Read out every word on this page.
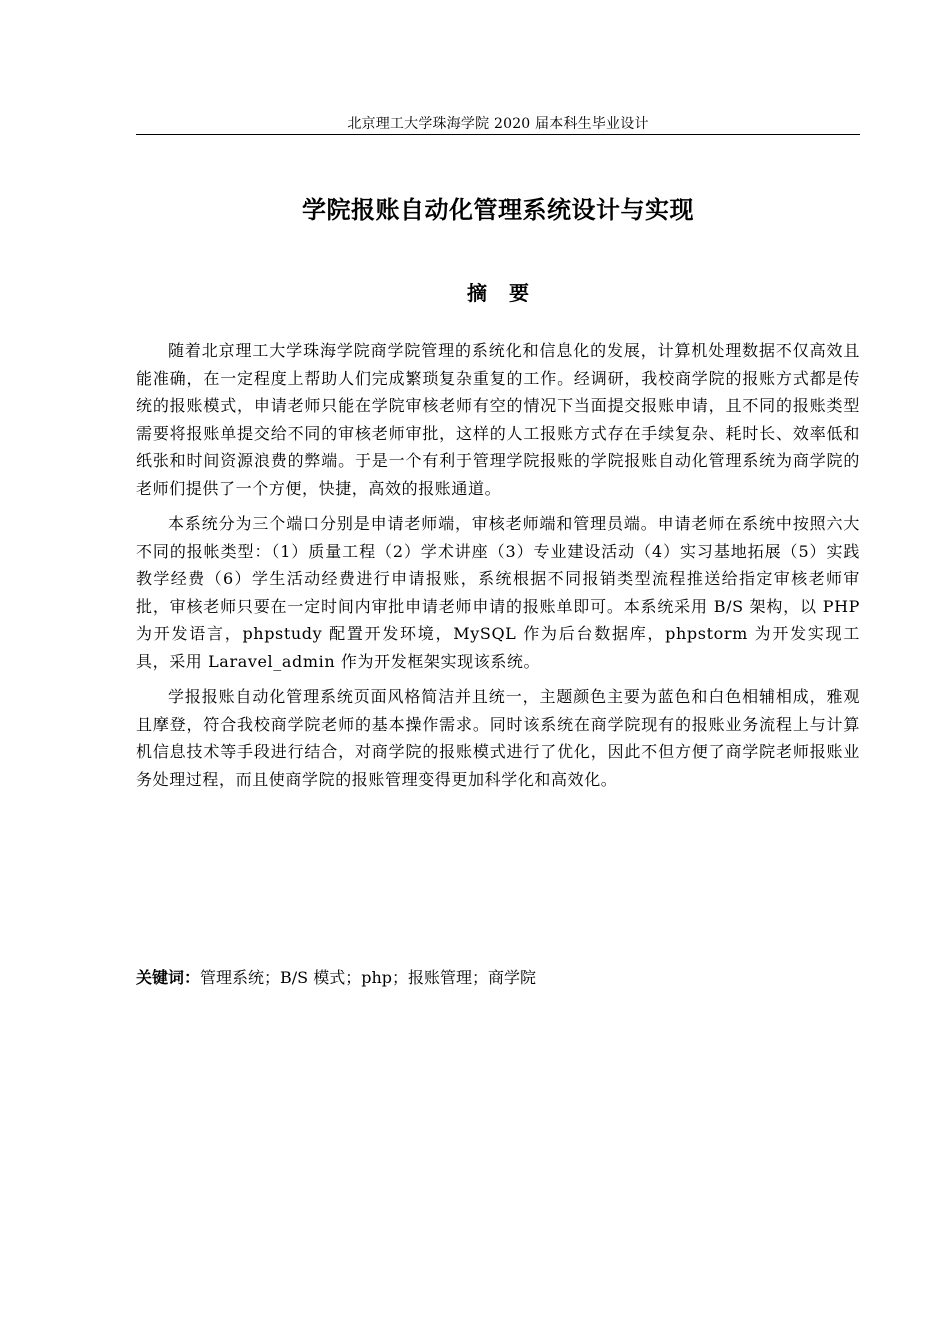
北京理工大学珠海学院 2020 届本科生毕业设计
学院报账自动化管理系统设计与实现
摘要

随着北京理工大学珠海学院商学院管理的系统化和信息化的发展，计算机处理数据不仅高效且能准确，在一定程度上帮助人们完成繁琐复杂重复的工作。经调研，我校商学院的报账方式都是传统的报账模式，申请老师只能在学院审核老师有空的情况下当面提交报账申请，且不同的报账类型需要将报账单提交给不同的审核老师审批，这样的人工报账方式存在手续复杂、耗时长、效率低和纸张和时间资源浪费的弊端。于是一个有利于管理学院报账的学院报账自动化管理系统为商学院的老师们提供了一个方便，快捷，高效的报账通道。

本系统分为三个端口分别是申请老师端，审核老师端和管理员端。申请老师在系统中按照六大不同的报帐类型：（1）质量工程（2）学术讲座（3）专业建设活动（4）实习基地拓展（5）实践教学经费（6）学生活动经费进行申请报账，系统根据不同报销类型流程推送给指定审核老师审批，审核老师只要在一定时间内审批申请老师申请的报账单即可。本系统采用 B/S 架构，以 PHP 为开发语言，phpstudy 配置开发环境，MySQL 作为后台数据库，phpstorm 为开发实现工具，采用 Laravel_admin 作为开发框架实现该系统。

学报报账自动化管理系统页面风格简洁并且统一，主题颜色主要为蓝色和白色相辅相成，雅观且摩登，符合我校商学院老师的基本操作需求。同时该系统在商学院现有的报账业务流程上与计算机信息技术等手段进行结合，对商学院的报账模式进行了优化，因此不但方便了商学院老师报账业务处理过程，而且使商学院的报账管理变得更加科学化和高效化。

关键词：管理系统；B/S 模式；php；报账管理；商学院
